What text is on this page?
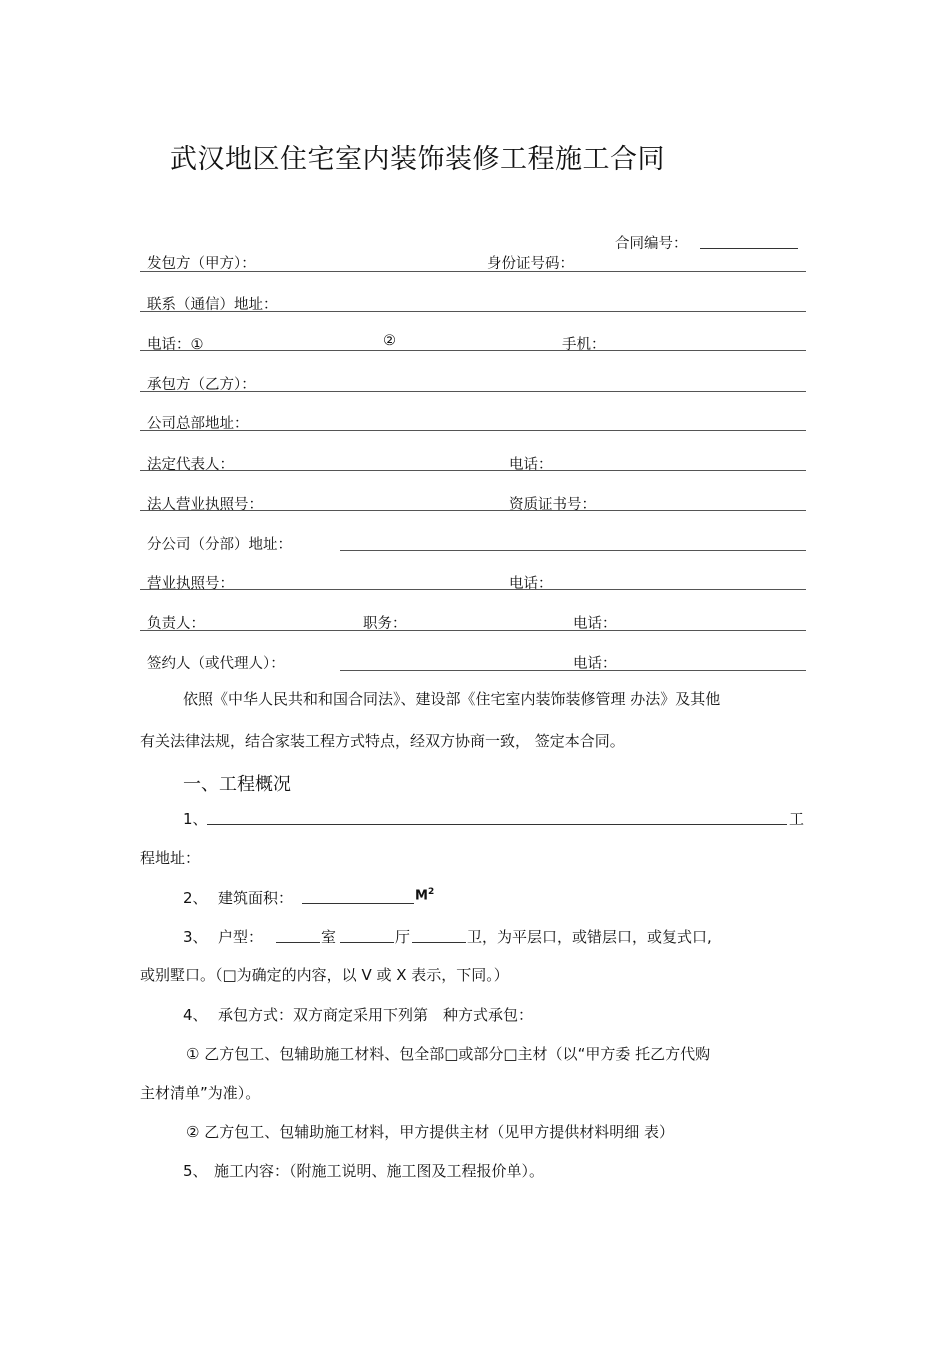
武汉地区住宅室内装饰装修工程施工合同
合同编号：
发包方（甲方）：	身份证号码：
联系（通信）地址：
电话：①	②	手机：
承包方（乙方）：
公司总部地址：
法定代表人：	电话：
法人营业执照号：	资质证书号：
分公司（分部）地址：
营业执照号：	电话：
负责人：	职务：	电话：
签约人（或代理人）：	电话：
依照《中华人民共和和国合同法》、建设部《住宅室内装饰装修管理 办法》及其他
有关法律法规，结合家装工程方式特点，经双方协商一致， 签定本合同。
一、工程概况
1、	工
程地址：
2、 建筑面积：	$M^2$
3、 户型：	室	厅	卫，为平层口，或错层口，或复式口,
或别墅口。（□为确定的内容，以 V 或 X 表示，下同。）
4、 承包方式：双方商定采用下列第　种方式承包：
① 乙方包工、包辅助施工材料、包全部□或部分□主材（以“甲方委 托乙方代购
主材清单”为准）。
② 乙方包工、包辅助施工材料，甲方提供主材（见甲方提供材料明细 表）
5、 施工内容：（附施工说明、施工图及工程报价单）。
